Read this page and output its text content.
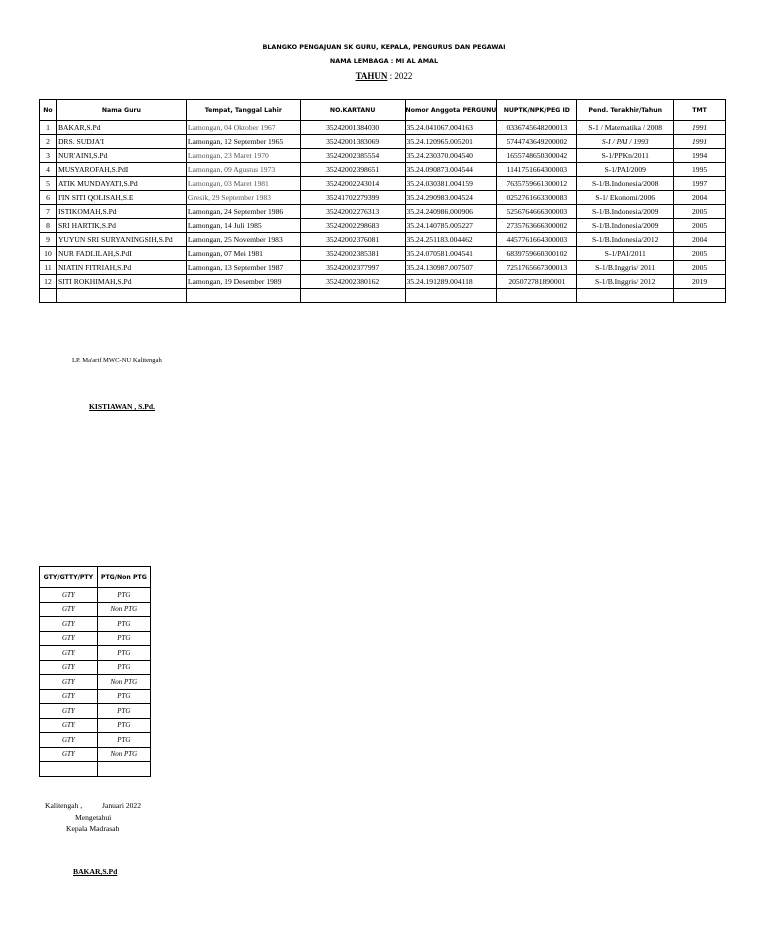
BLANGKO PENGAJUAN SK GURU, KEPALA, PENGURUS DAN PEGAWAI
NAMA LEMBAGA : MI AL AMAL
TAHUN : 2022
No	Nama Guru	Tempat, Tanggal Lahir	NO.KARTANU	Nomor Anggota PERGUNU	NUPTK/NPK/PEG ID	Pend. Terakhir/Tahun	TMT
1	BAKAR,S.Pd	Lamongan, 04 Oktober 1967	35242001384030	35.24.041067.004163	0336745648200013	S-1 / Matematika / 2008	1991
2	DRS. SUDJA'I	Lamongan, 12 September 1965	35242001383069	35.24.120965.005201	5744743649200002	S-I / PAI / 1993	1991
3	NUR'AINI,S.Pd	Lamongan, 23 Maret 1970	35242002385554	35.24.230370.004540	1655748650300042	S-1/PPKn/2011	1994
4	MUSYAROFAH,S.PdI	Lamongan, 09 Agustus 1973	35242002398651	35.24.090873.004544	1141751664300003	S-1/PAI/2009	1995
5	ATIK MUNDAYATI,S.Pd	Lamongan, 03 Maret 1981	35242002243014	35.24.030381.004159	7635759661300012	S-1/B.Indonesia/2008	1997
6	I'IN SITI QOLISAH,S.E	Gresik, 29 September 1983	35241702279399	35.24.290983.004524	0252761663300083	S-1/ Ekonomi/2006	2004
7	ISTIKOMAH,S.Pd	Lamongan, 24 September 1986	35242002276313	35.24.240986.000906	5256764666300003	S-1/B.Indonesia/2009	2005
8	SRI HARTIK,S.Pd	Lamongan, 14 Juli 1985	35242002298683	35.24.140785.005227	2735763666300002	S-1/B.Indonesia/2009	2005
9	YUYUN SRI SURYANINGSIH,S.Pd	Lamongan, 25 November 1983	35242002376081	35.24.251183.004462	4457761664300003	S-1/B.Indonesia/2012	2004
10	NUR FADLILAH,S.PdI	Lamongan, 07 Mei 1981	35242002385381	35.24.070581.004541	6839759660300102	S-1/PAI/2011	2005
11	NIATIN FITRIAH,S.Pd	Lamongan, 13 September 1987	35242002377997	35.24.130987.007507	7251765667300013	S-1/B.Inggris/ 2011	2005
12	SITI ROKHIMAH,S.Pd	Lamongan, 19 Desember 1989	35242002380162	35.24.191289.004118	205072781890001	S-1/B.Inggris/ 2012	2019

LP. Ma'arif MWC-NU Kalitengah
KISTIAWAN , S.Pd.
GTY/GTTY/PTY	PTG/Non PTG
GTY	PTG
GTY	Non PTG
GTY	PTG
GTY	PTG
GTY	PTG
GTY	PTG
GTY	Non PTG
GTY	PTG
GTY	PTG
GTY	PTG
GTY	PTG
GTY	Non PTG

Kalitengah ,	Januari 2022
Mengetahui
Kepala Madrasah
BAKAR,S.Pd
